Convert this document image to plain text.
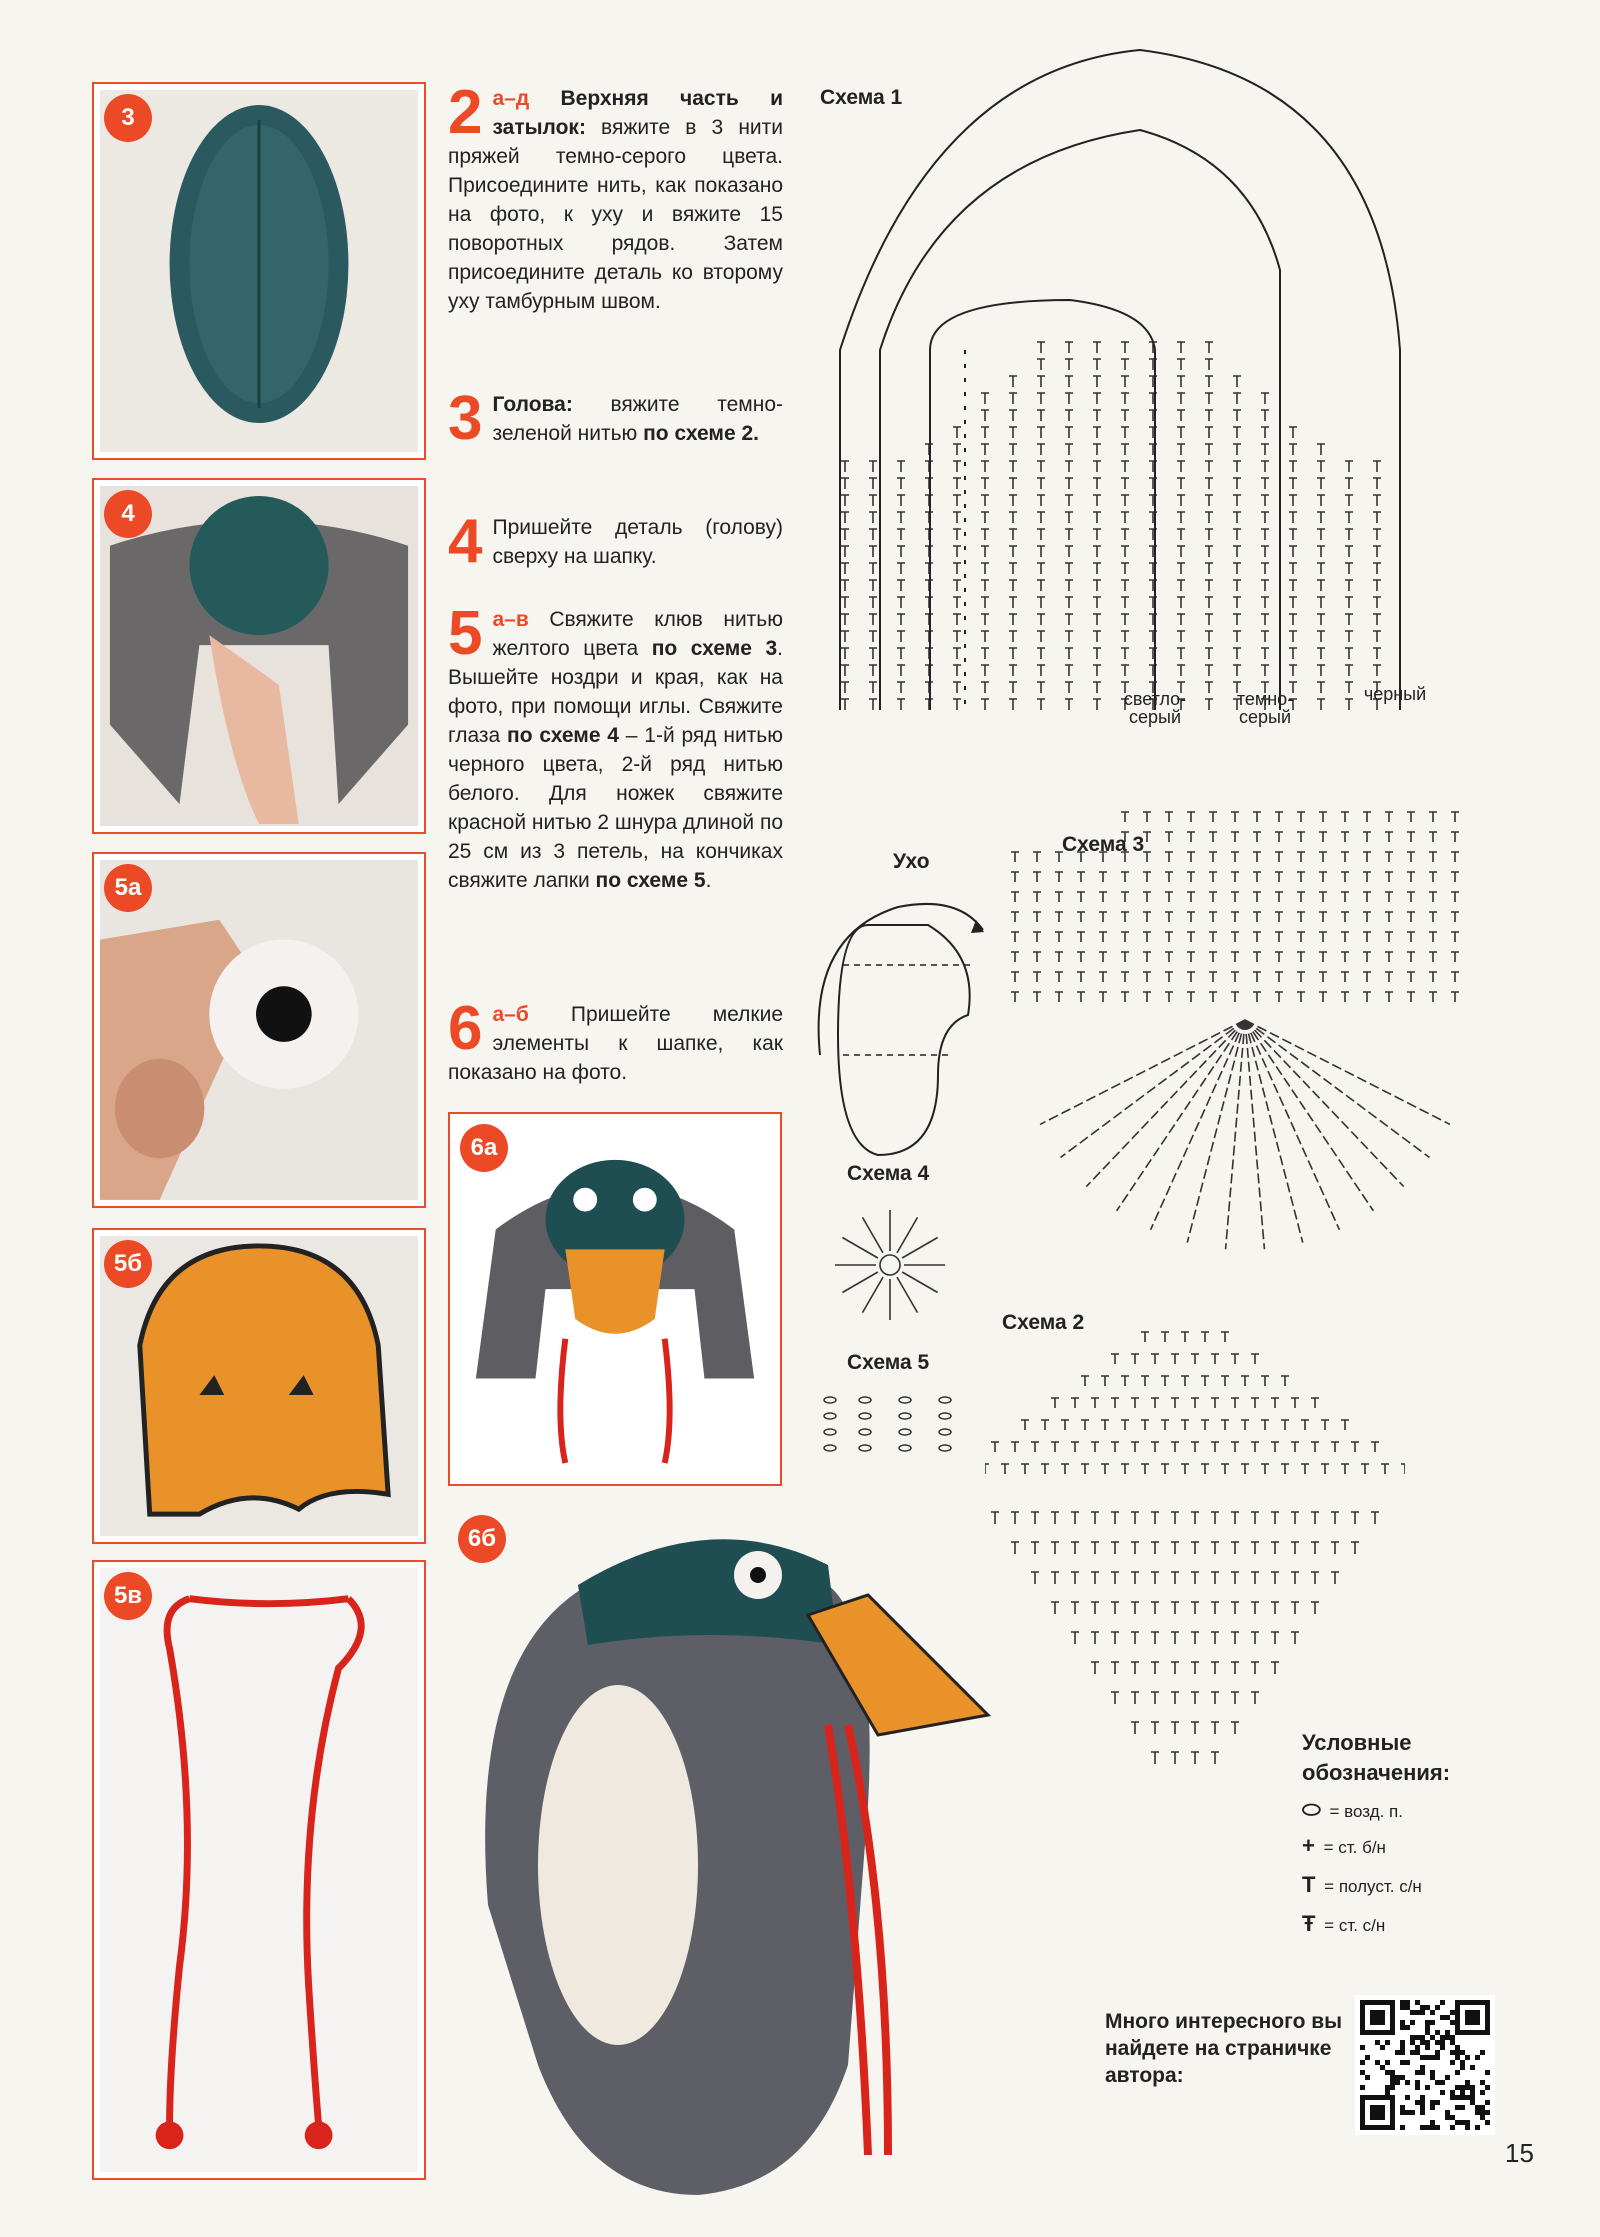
3
4
5а
5б
5в
6а
6б
2 а–д Верхняя часть и затылок: вяжите в 3 нити пряжей темно-серого цвета. Присоедините нить, как показано на фото, к уху и вяжите 15 поворотных рядов. Затем присоедините деталь ко второму уху тамбурным швом.
3 Голова: вяжите темно-зеленой нитью по схеме 2.
4 Пришейте деталь (голову) сверху на шапку.
5 а–в Свяжите клюв нитью желтого цвета по схеме 3. Вышейте ноздри и края, как на фото, при помощи иглы. Свяжите глаза по схеме 4 – 1-й ряд нитью черного цвета, 2-й ряд нитью белого. Для ножек свяжите красной нитью 2 шнура длиной по 25 см из 3 петель, на кончиках свяжите лапки по схеме 5.
6 а–б Пришейте мелкие элементы к шапке, как показано на фото.
Схема 1
Ухо
Схема 3
Схема 4
Схема 5
Схема 2
светло-
серый
темно-
серый
черный
Условные обозначения:
⬭ = возд. п.
+ = ст. б/н
Т = полуст. с/н
Ŧ = ст. с/н
Много интересного вы найдете на страничке автора:
15
